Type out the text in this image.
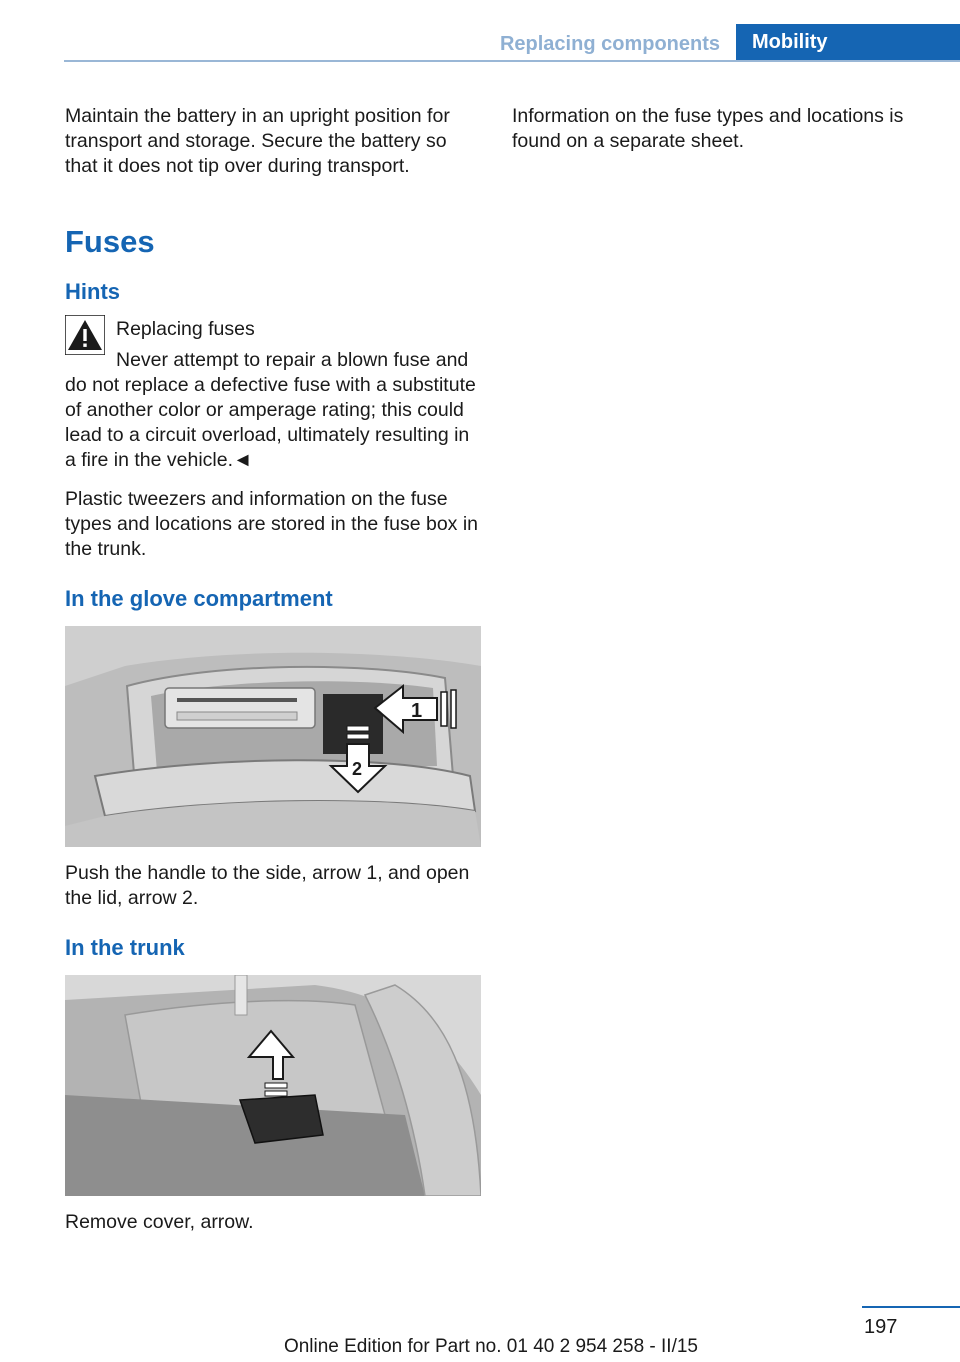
Replacing components	Mobility

Maintain the battery in an upright position for transport and storage. Secure the battery so that it does not tip over during transport.

Fuses
Hints
Replacing fuses

Never attempt to repair a blown fuse and do not replace a defective fuse with a substitute of another color or amperage rating; this could lead to a circuit overload, ultimately resulting in a fire in the vehicle.◄

Plastic tweezers and information on the fuse types and locations are stored in the fuse box in the trunk.

In the glove compartment
1
2

Push the handle to the side, arrow 1, and open the lid, arrow 2.

In the trunk

Remove cover, arrow.

Information on the fuse types and locations is found on a separate sheet.

197
Online Edition for Part no. 01 40 2 954 258 - II/15
